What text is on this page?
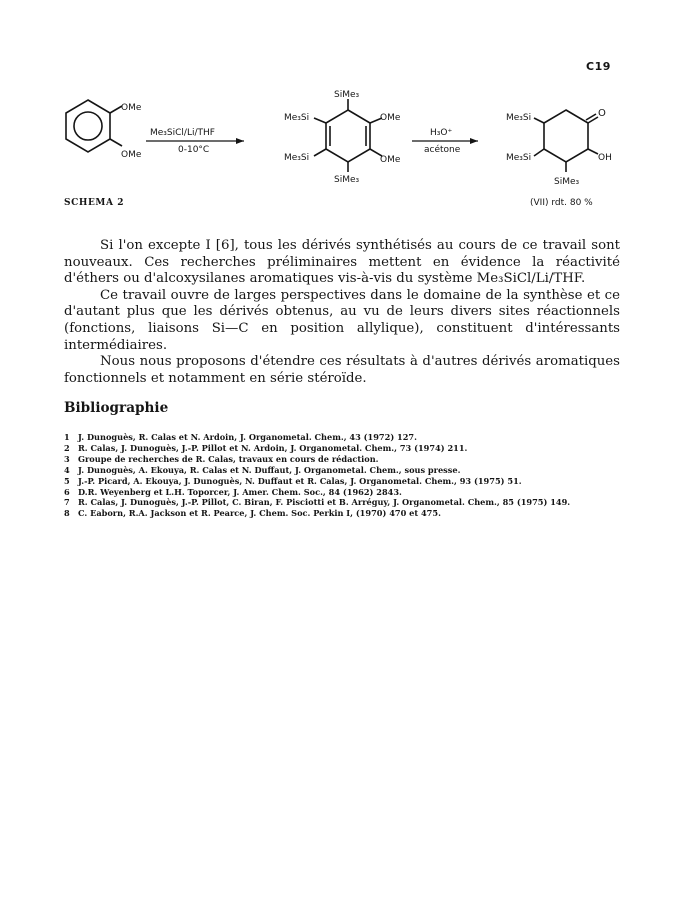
C19
OMe
OMe
Me₃SiCl/Li/THF
0-10°C
SiMe₃
SiMe₃
Me₃Si
Me₃Si
OMe
OMe
H₃O⁺
acétone
Me₃Si
Me₃Si
O
OH
SiMe₃
SCHEMA 2	(VII) rdt. 80 %

Si l'on excepte I [6], tous les dérivés synthétisés au cours de ce travail sont nouveaux. Ces recherches préliminaires mettent en évidence la réactivité d'éthers ou d'alcoxysilanes aromatiques vis-à-vis du système Me₃SiCl/Li/THF.

Ce travail ouvre de larges perspectives dans le domaine de la synthèse et ce d'autant plus que les dérivés obtenus, au vu de leurs divers sites réactionnels (fonctions, liaisons Si—C en position allylique), constituent d'intéressants intermédiaires.

Nous nous proposons d'étendre ces résultats à d'autres dérivés aromatiques fonctionnels et notamment en série stéroïde.

Bibliographie
1	J. Dunoguès, R. Calas et N. Ardoin, J. Organometal. Chem., 43 (1972) 127.
2	R. Calas, J. Dunoguès, J.-P. Pillot et N. Ardoin, J. Organometal. Chem., 73 (1974) 211.
3	Groupe de recherches de R. Calas, travaux en cours de rédaction.
4	J. Dunoguès, A. Ekouya, R. Calas et N. Duffaut, J. Organometal. Chem., sous presse.
5	J.-P. Picard, A. Ekouya, J. Dunoguès, N. Duffaut et R. Calas, J. Organometal. Chem., 93 (1975) 51.
6	D.R. Weyenberg et L.H. Toporcer, J. Amer. Chem. Soc., 84 (1962) 2843.
7	R. Calas, J. Dunoguès, J.-P. Pillot, C. Biran, F. Pisciotti et B. Arréguy, J. Organometal. Chem., 85 (1975) 149.
8	C. Eaborn, R.A. Jackson et R. Pearce, J. Chem. Soc. Perkin I, (1970) 470 et 475.
